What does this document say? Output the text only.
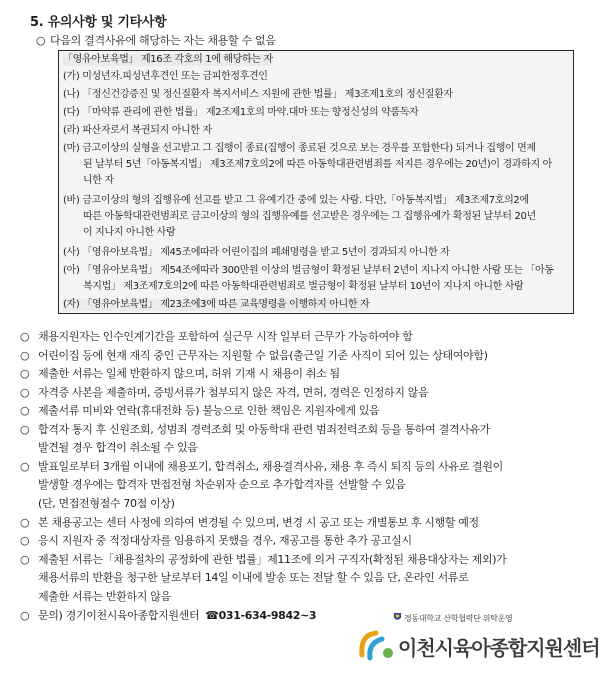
5. 유의사항 및 기타사항
○ 다음의 결격사유에 해당하는 자는 채용할 수 없음
「영유아보육법」 제16조 각호의 1에 해당하는 자
(가) 미성년자.피성년후견인 또는 금피한정후견인
(나) 「정신건강증진 및 정신질환자 복지서비스 지원에 관한 법률」 제3조제1호의 정신질환자
(다) 「마약류 관리에 관한 법률」 제2조제1호의 마약.대마 또는 향정신성의 약품독자
(라) 파산자로서 복권되지 아니한 자
(마) 금고이상의 실형을 선고받고 그 집행이 종료(집행이 종료된 것으로 보는 경우를 포함한다) 되거나 집행이 면제
된 날부터 5년「아동복지법」 제3조제7호의2에 따른 아동학대관련범죄를 저지른 경우에는 20년)이 경과하지 아
니한 자
(바) 금고이상의 형의 집행유예 선고를 받고 그 유예기간 중에 있는 사람. 다만,「아동복지법」 제3조제7호의2에
따른 아동학대관련범죄로 금고이상의 형의 집행유예를 선고받은 경우에는 그 집행유예가 확정된 날부터 20년
이 지나지 아니한 사람
(사) 「영유아보육법」 제45조에따라 어린이집의 폐쇄명령을 받고 5년이 경과되지 아니한 자
(아) 「영유아보육법」 제54조에따라 300만원 이상의 벌금형이 확정된 날부터 2년이 지나지 아니한 사람 또는 「아동
복지법」 제3조제7호의2에 따른 아동학대관련범죄로 벌금형이 확정된 날부터 10년이 지나지 아니한 사람
(자) 「영유아보육법」 제23조에3에 따른 교육명령을 이행하지 아니한 자
○ 채용지원자는 인수인계기간을 포함하여 실근무 시작 일부터 근무가 가능하여야 함
○ 어린이집 등에 현재 재직 중인 근무자는 지원할 수 없음(출근일 기준 사직이 되어 있는 상태여야함)
○ 제출한 서류는 일체 반환하지 않으며, 허위 기재 시 채용이 취소 됨
○ 자격증 사본을 제출하며, 증빙서류가 첨부되지 않은 자격, 면허, 경력은 인정하지 않음
○ 제출서류 미비와 연락(휴대전화 등) 불능으로 인한 책임은 지원자에게 있음
○ 합격자 통지 후 신원조회, 성범죄 경력조회 및 아동학대 관련 범죄전력조회 등을 통하여 결격사유가
발견될 경우 합격이 취소될 수 있음
○ 발표일로부터 3개월 이내에 채용포기, 합격취소, 채용결격사유, 채용 후 즉시 퇴직 등의 사유로 결원이
발생할 경우에는 합격자 면접전형 차순위자 순으로 추가합격자를 선발할 수 있음
(단, 면접전형점수 70점 이상)
○ 본 채용공고는 센터 사정에 의하여 변경될 수 있으며, 변경 시 공고 또는 개별통보 후 시행할 예정
○ 응시 지원자 중 적정대상자를 임용하지 못했을 경우, 재공고를 통한 추가 공고실시
○ 제출된 서류는「채용절차의 공정화에 관한 법률」제11조에 의거 구직자(확정된 채용대상자는 제외)가
채용서류의 반환을 청구한 날로부터 14일 이내에 발송 또는 전달 할 수 있음 단, 온라인 서류로
제출한 서류는 반환하지 않음
○ 문의) 경기이천시육아종합지원센터 ☎031-634-9842~3	경동대학교 산학협력단 위탁운영
이천시육아종합지원센터
